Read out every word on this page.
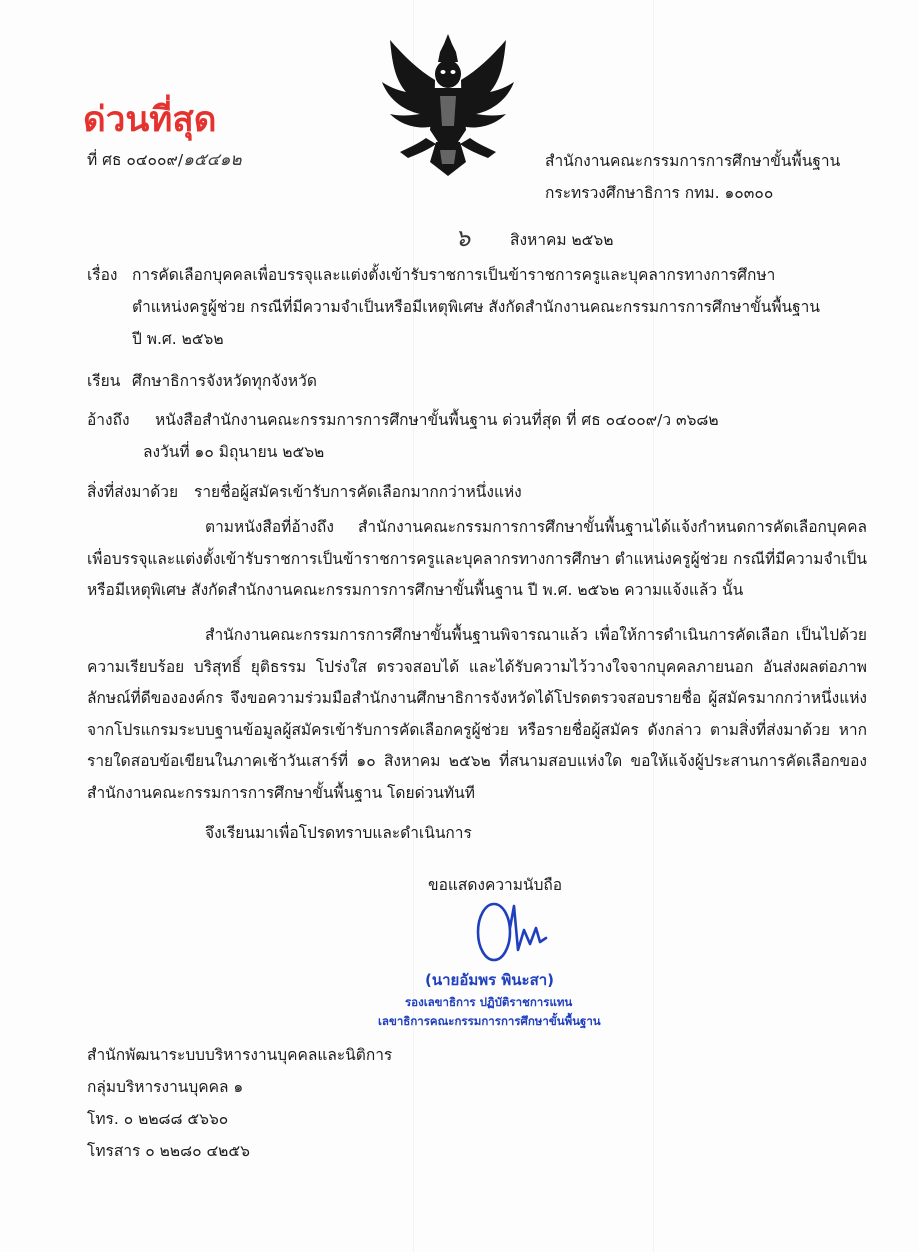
ด่วนที่สุด
ที่ ศธ ๐๔๐๐๙/๑๕๔๑๒	สำนักงานคณะกรรมการการศึกษาขั้นพื้นฐาน
กระทรวงศึกษาธิการ กทม. ๑๐๓๐๐
๖	สิงหาคม ๒๕๖๒
เรื่อง การคัดเลือกบุคคลเพื่อบรรจุและแต่งตั้งเข้ารับราชการเป็นข้าราชการครูและบุคลากรทางการศึกษา
ตำแหน่งครูผู้ช่วย กรณีที่มีความจำเป็นหรือมีเหตุพิเศษ สังกัดสำนักงานคณะกรรมการการศึกษาขั้นพื้นฐาน
ปี พ.ศ. ๒๕๖๒
เรียน ศึกษาธิการจังหวัดทุกจังหวัด
อ้างถึง หนังสือสำนักงานคณะกรรมการการศึกษาขั้นพื้นฐาน ด่วนที่สุด ที่ ศธ ๐๔๐๐๙/ว ๓๖๘๒
ลงวันที่ ๑๐ มิถุนายน ๒๕๖๒
สิ่งที่ส่งมาด้วย รายชื่อผู้สมัครเข้ารับการคัดเลือกมากกว่าหนึ่งแห่ง
ตามหนังสือที่อ้างถึง สำนักงานคณะกรรมการการศึกษาขั้นพื้นฐานได้แจ้งกำหนดการคัดเลือกบุคคล เพื่อบรรจุและแต่งตั้งเข้ารับราชการเป็นข้าราชการครูและบุคลากรทางการศึกษา ตำแหน่งครูผู้ช่วย กรณีที่มีความจำเป็นหรือมีเหตุพิเศษ สังกัดสำนักงานคณะกรรมการการศึกษาขั้นพื้นฐาน ปี พ.ศ. ๒๕๖๒ ความแจ้งแล้ว นั้น
สำนักงานคณะกรรมการการศึกษาขั้นพื้นฐานพิจารณาแล้ว เพื่อให้การดำเนินการคัดเลือก เป็นไปด้วยความเรียบร้อย บริสุทธิ์ ยุติธรรม โปร่งใส ตรวจสอบได้ และได้รับความไว้วางใจจากบุคคลภายนอก อันส่งผลต่อภาพลักษณ์ที่ดีขององค์กร จึงขอความร่วมมือสำนักงานศึกษาธิการจังหวัดได้โปรดตรวจสอบรายชื่อ ผู้สมัครมากกว่าหนึ่งแห่งจากโปรแกรมระบบฐานข้อมูลผู้สมัครเข้ารับการคัดเลือกครูผู้ช่วย หรือรายชื่อผู้สมัคร ดังกล่าว ตามสิ่งที่ส่งมาด้วย หากรายใดสอบข้อเขียนในภาคเช้าวันเสาร์ที่ ๑๐ สิงหาคม ๒๕๖๒ ที่สนามสอบแห่งใด ขอให้แจ้งผู้ประสานการคัดเลือกของสำนักงานคณะกรรมการการศึกษาขั้นพื้นฐาน โดยด่วนทันที
จึงเรียนมาเพื่อโปรดทราบและดำเนินการ
ขอแสดงความนับถือ
(นายอัมพร พินะสา)
รองเลขาธิการ ปฏิบัติราชการแทน
เลขาธิการคณะกรรมการการศึกษาขั้นพื้นฐาน
สำนักพัฒนาระบบบริหารงานบุคคลและนิติการ
กลุ่มบริหารงานบุคคล ๑
โทร. ๐ ๒๒๘๘ ๕๖๖๐
โทรสาร ๐ ๒๒๘๐ ๔๒๕๖
